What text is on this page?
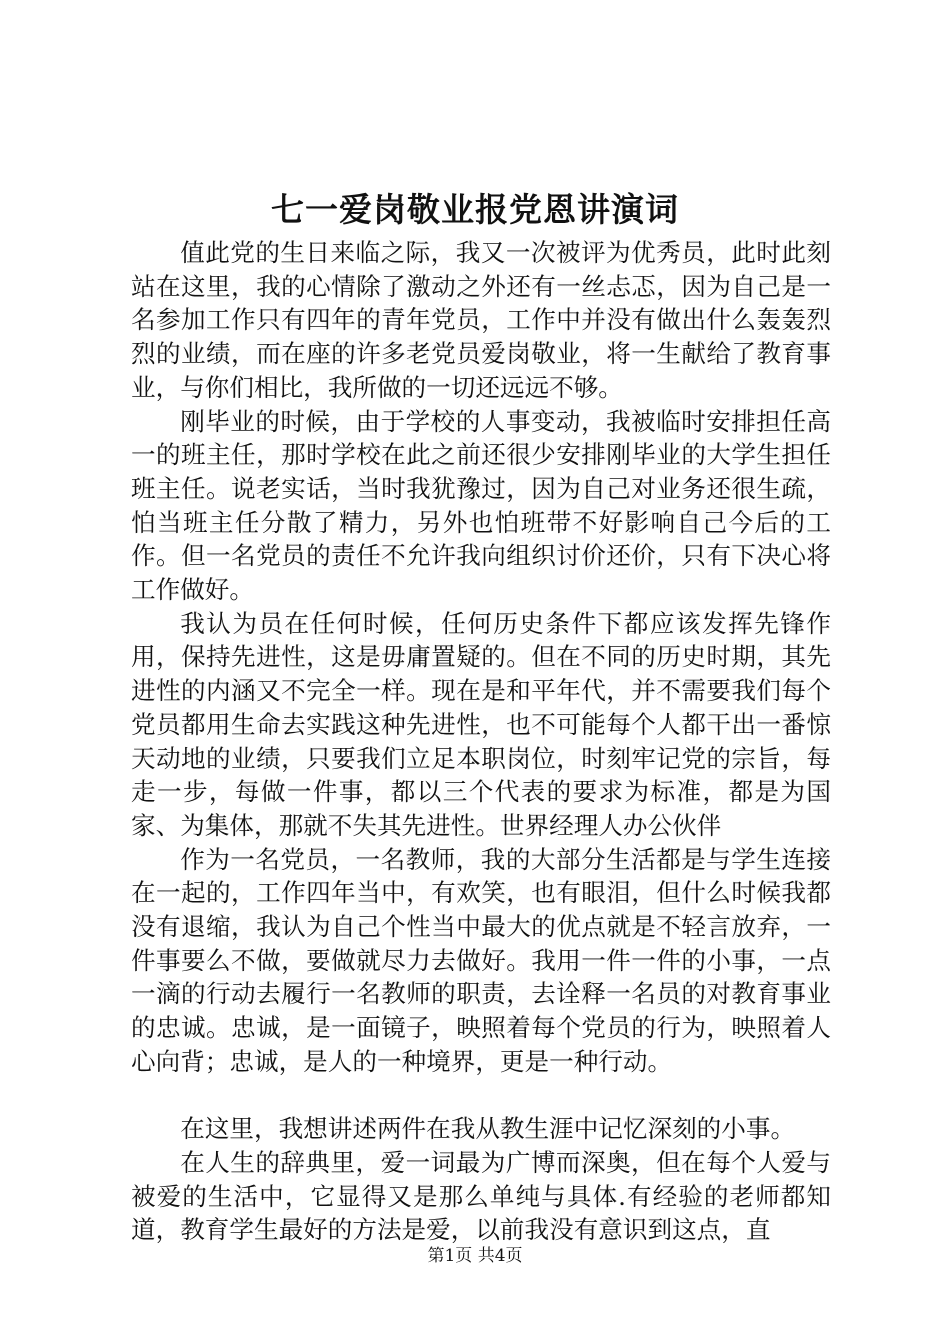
七一爱岗敬业报党恩讲演词

值此党的生日来临之际，我又一次被评为优秀员，此时此刻站在这里，我的心情除了激动之外还有一丝忐忑，因为自己是一名参加工作只有四年的青年党员，工作中并没有做出什么轰轰烈烈的业绩，而在座的许多老党员爱岗敬业，将一生献给了教育事业，与你们相比，我所做的一切还远远不够。

刚毕业的时候，由于学校的人事变动，我被临时安排担任高一的班主任，那时学校在此之前还很少安排刚毕业的大学生担任班主任。说老实话，当时我犹豫过，因为自己对业务还很生疏，怕当班主任分散了精力，另外也怕班带不好影响自己今后的工作。但一名党员的责任不允许我向组织讨价还价，只有下决心将工作做好。

我认为员在任何时候，任何历史条件下都应该发挥先锋作用，保持先进性，这是毋庸置疑的。但在不同的历史时期，其先进性的内涵又不完全一样。现在是和平年代，并不需要我们每个党员都用生命去实践这种先进性，也不可能每个人都干出一番惊天动地的业绩，只要我们立足本职岗位，时刻牢记党的宗旨，每走一步，每做一件事，都以三个代表的要求为标准，都是为国家、为集体，那就不失其先进性。世界经理人办公伙伴

作为一名党员，一名教师，我的大部分生活都是与学生连接在一起的，工作四年当中，有欢笑，也有眼泪，但什么时候我都没有退缩，我认为自己个性当中最大的优点就是不轻言放弃，一件事要么不做，要做就尽力去做好。我用一件一件的小事，一点一滴的行动去履行一名教师的职责，去诠释一名员的对教育事业的忠诚。忠诚，是一面镜子，映照着每个党员的行为，映照着人心向背；忠诚，是人的一种境界，更是一种行动。

在这里，我想讲述两件在我从教生涯中记忆深刻的小事。

在人生的辞典里，爱一词最为广博而深奥，但在每个人爱与被爱的生活中，它显得又是那么单纯与具体.有经验的老师都知道，教育学生最好的方法是爱，以前我没有意识到这点，直

第1页 共4页
